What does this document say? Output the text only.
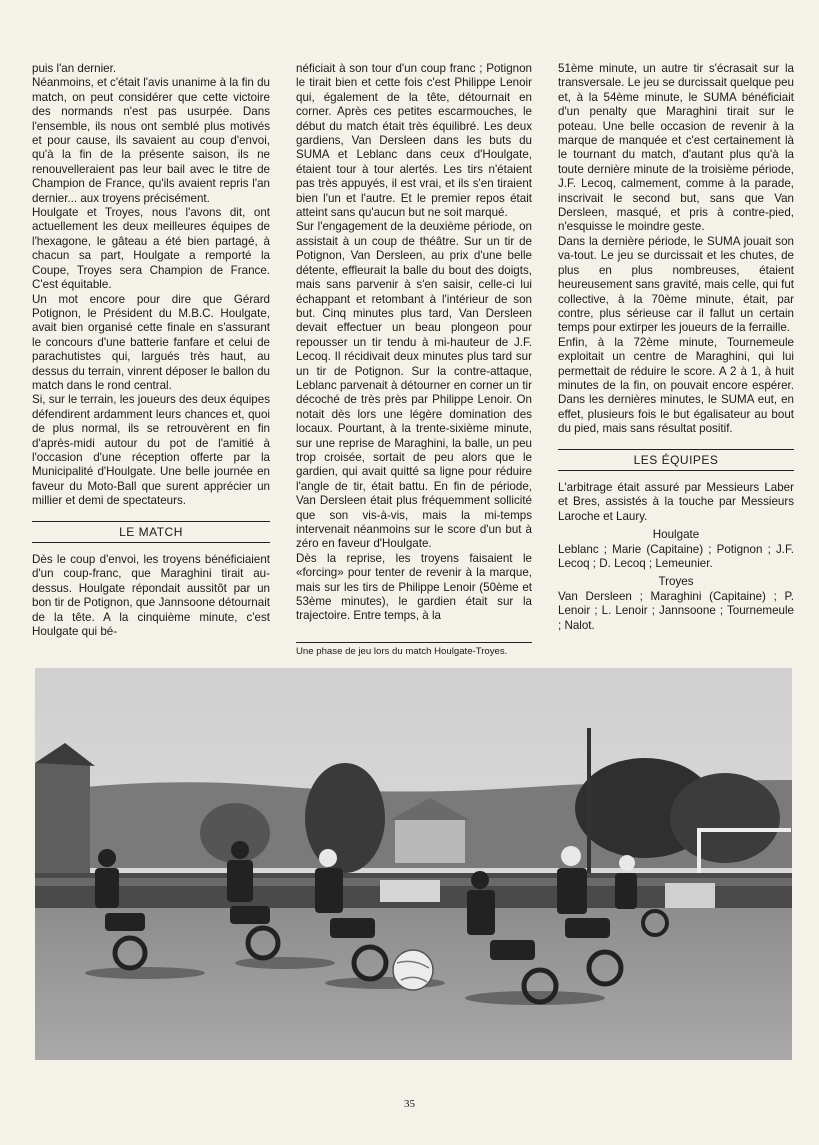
puis l'an dernier.

Néanmoins, et c'était l'avis unanime à la fin du match, on peut considérer que cette victoire des normands n'est pas usurpée. Dans l'ensemble, ils nous ont semblé plus motivés et pour cause, ils savaient au coup d'envoi, qu'à la fin de la présente saison, ils ne renouvelleraient pas leur bail avec le titre de Champion de France, qu'ils avaient repris l'an dernier... aux troyens précisément.

Houlgate et Troyes, nous l'avons dit, ont actuellement les deux meilleures équipes de l'hexagone, le gâteau a été bien partagé, à chacun sa part, Houlgate a remporté la Coupe, Troyes sera Champion de France. C'est équitable.

Un mot encore pour dire que Gérard Potignon, le Président du M.B.C. Houlgate, avait bien organisé cette finale en s'assurant le concours d'une batterie fanfare et celui de parachutistes qui, largués très haut, au dessus du terrain, vinrent déposer le ballon du match dans le rond central.

Si, sur le terrain, les joueurs des deux équipes défendirent ardamment leurs chances et, quoi de plus normal, ils se retrouvèrent en fin d'après-midi autour du pot de l'amitié à l'occasion d'une réception offerte par la Municipalité d'Houlgate. Une belle journée en faveur du Moto-Ball que surent apprécier un millier et demi de spectateurs.

LE MATCH

Dès le coup d'envoi, les troyens bénéficiaient d'un coup-franc, que Maraghini tirait au-dessus. Houlgate répondait aussitôt par un bon tir de Potignon, que Jannsoone détournait de la tête. A la cinquième minute, c'est Houlgate qui bé-

néficiait à son tour d'un coup franc ; Potignon le tirait bien et cette fois c'est Philippe Lenoir qui, également de la tête, détournait en corner. Après ces petites escarmouches, le début du match était très équilibré. Les deux gardiens, Van Dersleen dans les buts du SUMA et Leblanc dans ceux d'Houlgate, étaient tour à tour alertés. Les tirs n'étaient pas très appuyés, il est vrai, et ils s'en tiraient bien l'un et l'autre. Et le premier repos était atteint sans qu'aucun but ne soit marqué.

Sur l'engagement de la deuxième période, on assistait à un coup de théâtre. Sur un tir de Potignon, Van Dersleen, au prix d'une belle détente, effleurait la balle du bout des doigts, mais sans parvenir à s'en saisir, celle-ci lui échappant et retombant à l'intérieur de son but. Cinq minutes plus tard, Van Dersleen devait effectuer un beau plongeon pour repousser un tir tendu à mi-hauteur de J.F. Lecoq. Il récidivait deux minutes plus tard sur un tir de Potignon. Sur la contre-attaque, Leblanc parvenait à détourner en corner un tir décoché de très près par Philippe Lenoir. On notait dès lors une légère domination des locaux. Pourtant, à la trente-sixième minute, sur une reprise de Maraghini, la balle, un peu trop croisée, sortait de peu alors que le gardien, qui avait quitté sa ligne pour réduire l'angle de tir, était battu. En fin de période, Van Dersleen était plus fréquemment sollicité que son vis-à-vis, mais la mi-temps intervenait néanmoins sur le score d'un but à zéro en faveur d'Houlgate.

Dès la reprise, les troyens faisaient le «forcing» pour tenter de revenir à la marque, mais sur les tirs de Philippe Lenoir (50ème et 53ème minutes), le gardien était sur la trajectoire. Entre temps, à la

Une phase de jeu lors du match Houlgate-Troyes.

51ème minute, un autre tir s'écrasait sur la transversale. Le jeu se durcissait quelque peu et, à la 54ème minute, le SUMA bénéficiait d'un penalty que Maraghini tirait sur le poteau. Une belle occasion de revenir à la marque de manquée et c'est certainement là le tournant du match, d'autant plus qu'à la toute dernière minute de la troisième période, J.F. Lecoq, calmement, comme à la parade, inscrivait le second but, sans que Van Dersleen, masqué, et pris à contre-pied, n'esquisse le moindre geste.

Dans la dernière période, le SUMA jouait son va-tout. Le jeu se durcissait et les chutes, de plus en plus nombreuses, étaient heureusement sans gravité, mais celle, qui fut collective, à la 70ème minute, était, par contre, plus sérieuse car il fallut un certain temps pour extirper les joueurs de la ferraille.

Enfin, à la 72ème minute, Tournemeule exploitait un centre de Maraghini, qui lui permettait de réduire le score. A 2 à 1, à huit minutes de la fin, on pouvait encore espérer. Dans les dernières minutes, le SUMA eut, en effet, plusieurs fois le but égalisateur au bout du pied, mais sans résultat positif.

LES ÉQUIPES

L'arbitrage était assuré par Messieurs Laber et Bres, assistés à la touche par Messieurs Laroche et Laury.

Houlgate

Leblanc ; Marie (Capitaine) ; Potignon ; J.F. Lecoq ; D. Lecoq ; Lemeunier.

Troyes

Van Dersleen ; Maraghini (Capitaine) ; P. Lenoir ; L. Lenoir ; Jannsoone ; Tournemeule ; Nalot.

35
